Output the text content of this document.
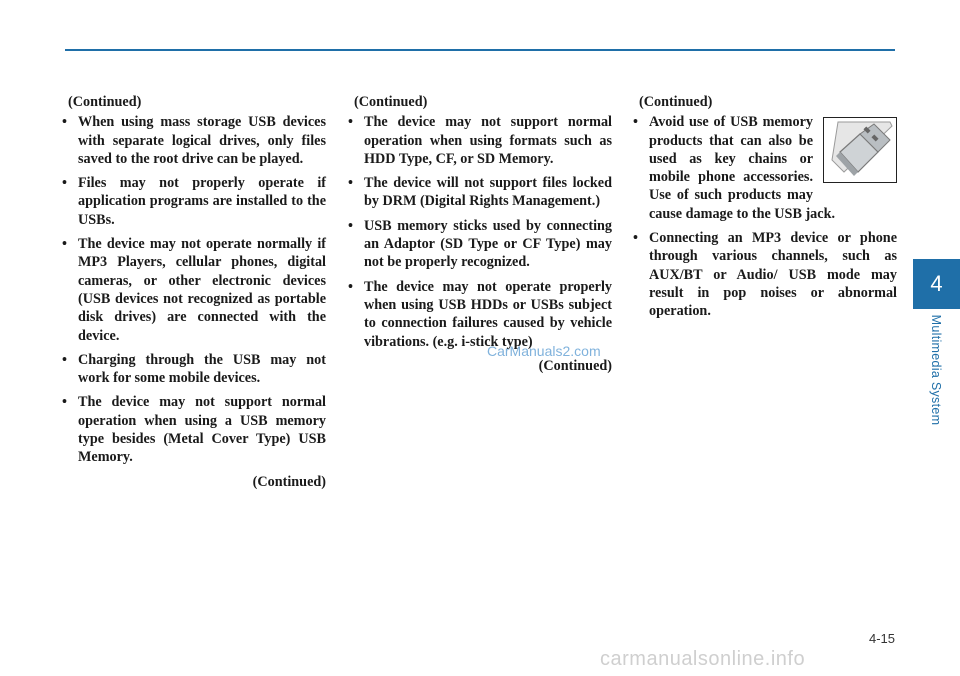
(Continued)
• When using mass storage USB devices with separate logical drives, only files saved to the root drive can be played.
• Files may not properly operate if application programs are installed to the USBs.
• The device may not operate normally if MP3 Players, cellular phones, digital cameras, or other electronic devices (USB devices not recognized as portable disk drives) are connected with the device.
• Charging through the USB may not work for some mobile devices.
• The device may not support normal operation when using a USB memory type besides (Metal Cover Type) USB Memory.
(Continued)
(Continued)
• The device may not support normal operation when using formats such as HDD Type, CF, or SD Memory.
• The device will not support files locked by DRM (Digital Rights Management.)
• USB memory sticks used by connecting an Adaptor (SD Type or CF Type) may not be properly recognized.
• The device may not operate properly when using USB HDDs or USBs subject to connection failures caused by vehicle vibrations. (e.g. i-stick type)
(Continued)
(Continued)
• Avoid use of USB memory products that can also be used as key chains or mobile phone accessories. Use of such products may cause damage to the USB jack.
• Connecting an MP3 device or phone through various channels, such as AUX/BT or Audio/ USB mode may result in pop noises or abnormal operation.
4
Multimedia System
4-15
CarManuals2.com
carmanualsonline.info
